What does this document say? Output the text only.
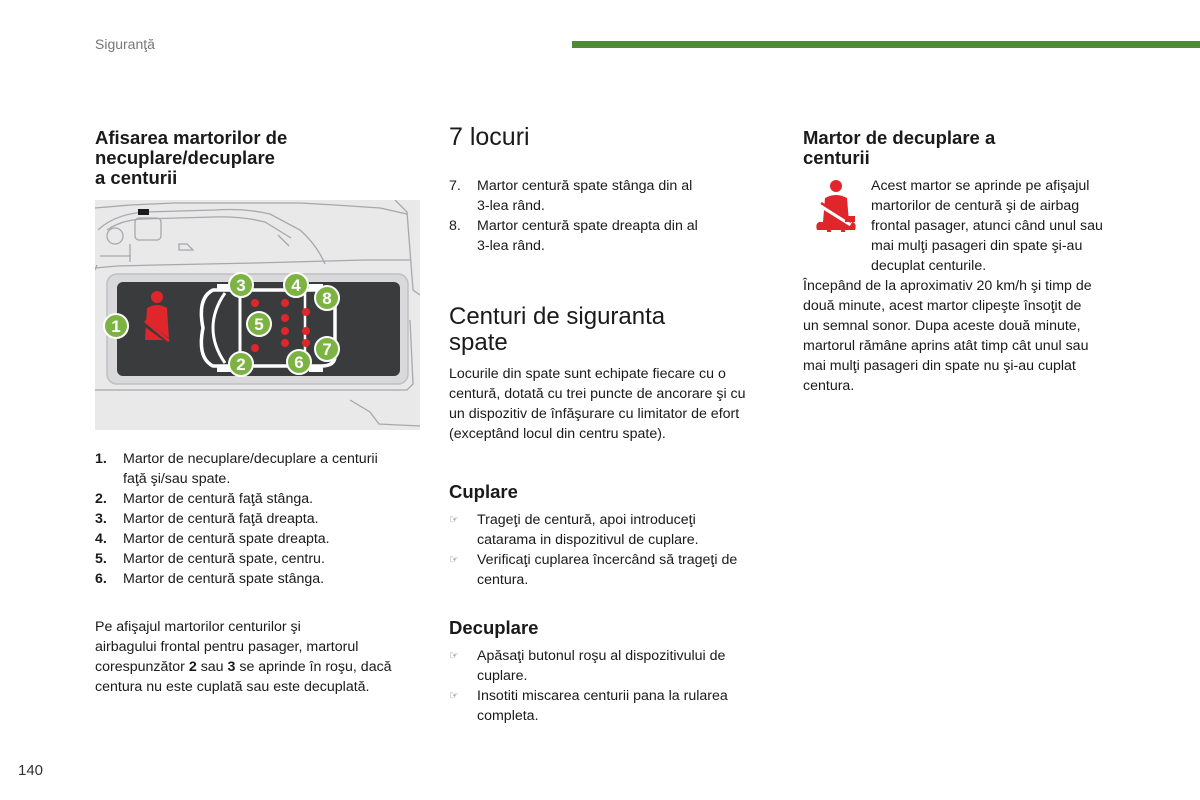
Siguranţă
Afisarea martorilor de
necuplare/decuplare
a centurii
1
2
3	4
5
6
7
8
1.	Martor de necuplare/decuplare a centurii
faţă şi/sau spate.
2.	Martor de centură faţă stânga.
3.	Martor de centură faţă dreapta.
4.	Martor de centură spate dreapta.
5.	Martor de centură spate, centru.
6.	Martor de centură spate stânga.

Pe afişajul martorilor centurilor şi
airbagului frontal pentru pasager, martorul
corespunzător 2 sau 3 se aprinde în roşu, dacă
centura nu este cuplată sau este decuplată.

7 locuri
7.	Martor centură spate stânga din al
3-lea rând.
8.	Martor centură spate dreapta din al
3-lea rând.
Centuri de siguranta
spate

Locurile din spate sunt echipate fiecare cu o
centură, dotată cu trei puncte de ancorare şi cu
un dispozitiv de înfăşurare cu limitator de efort
(exceptând locul din centru spate).

Cuplare
☞	Trageţi de centură, apoi introduceţi
catarama in dispozitivul de cuplare.
☞	Verificaţi cuplarea încercând să trageţi de
centura.
Decuplare
☞	Apăsaţi butonul roşu al dispozitivului de
cuplare.
☞	Insotiti miscarea centurii pana la rularea
completa.
Martor de decuplare a
centurii

Acest martor se aprinde pe afişajul
martorilor de centură şi de airbag
frontal pasager, atunci când unul sau
mai mulţi pasageri din spate şi-au
decuplat centurile.

Începând de la aproximativ 20 km/h şi timp de
două minute, acest martor clipeşte însoţit de
un semnal sonor. Dupa aceste două minute,
martorul rămâne aprins atât timp cât unul sau
mai mulţi pasageri din spate nu şi-au cuplat
centura.

140
